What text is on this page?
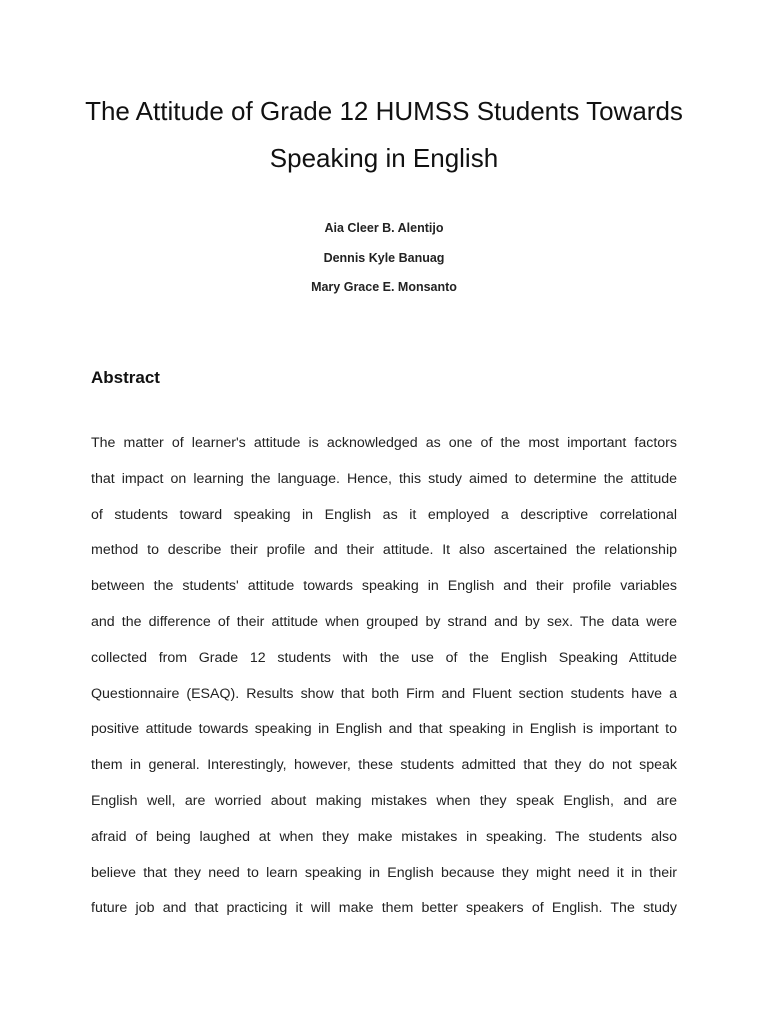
The Attitude of Grade 12 HUMSS Students Towards
Speaking in English
Aia Cleer B. Alentijo
Dennis Kyle Banuag
Mary Grace E. Monsanto
Abstract
The matter of learner's attitude is acknowledged as one of the most important factors
that impact on learning the language. Hence, this study aimed to determine the attitude
of students toward speaking in English as it employed a descriptive correlational
method to describe their profile and their attitude. It also ascertained the relationship
between the students' attitude towards speaking in English and their profile variables
and the difference of their attitude when grouped by strand and by sex. The data were
collected from Grade 12 students with the use of the English Speaking Attitude
Questionnaire (ESAQ). Results show that both Firm and Fluent section students have a
positive attitude towards speaking in English and that speaking in English is important to
them in general. Interestingly, however, these students admitted that they do not speak
English well, are worried about making mistakes when they speak English, and are
afraid of being laughed at when they make mistakes in speaking. The students also
believe that they need to learn speaking in English because they might need it in their
future job and that practicing it will make them better speakers of English. The study
